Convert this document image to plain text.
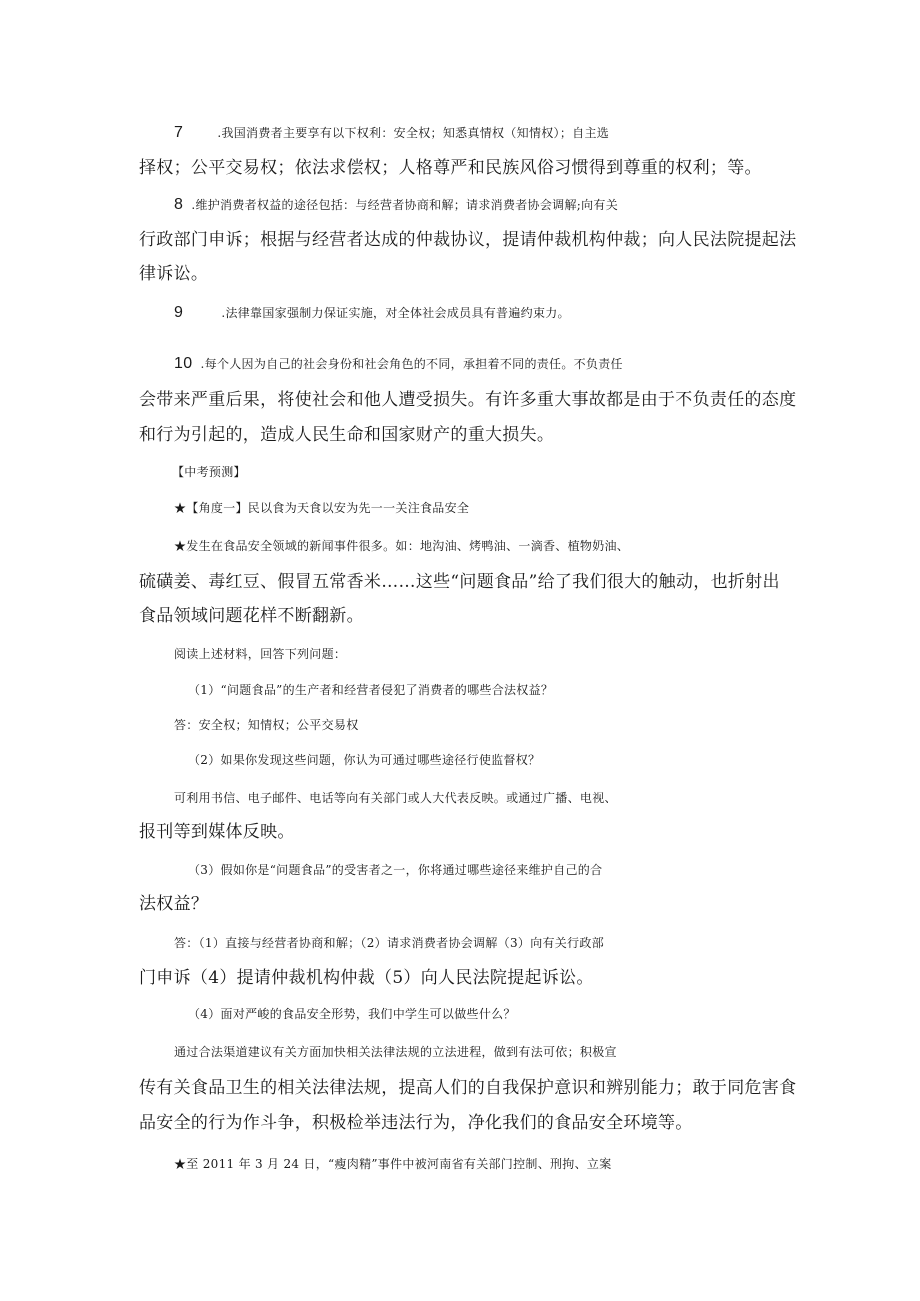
7	.我国消费者主要享有以下权利：安全权；知悉真情权（知情权）；自主选
择权；公平交易权；依法求偿权；人格尊严和民族风俗习惯得到尊重的权利；等。
8 .维护消费者权益的途径包括：与经营者协商和解；请求消费者协会调解;向有关
行政部门申诉；根据与经营者达成的仲裁协议，提请仲裁机构仲裁；向人民法院提起法
律诉讼。
9	.法律靠国家强制力保证实施，对全体社会成员具有普遍约束力。
10 .每个人因为自己的社会身份和社会角色的不同，承担着不同的责任。不负责任
会带来严重后果，将使社会和他人遭受损失。有许多重大事故都是由于不负责任的态度
和行为引起的，造成人民生命和国家财产的重大损失。
【中考预测】
★【角度一】民以食为天食以安为先一一关注食品安全
★发生在食品安全领域的新闻事件很多。如：地沟油、烤鸭油、一滴香、植物奶油、
硫磺姜、毒红豆、假冒五常香米……这些“问题食品”给了我们很大的触动，也折射出
食品领域问题花样不断翻新。
阅读上述材料，回答下列问题：
（1）“问题食品”的生产者和经营者侵犯了消费者的哪些合法权益？
答：安全权；知情权；公平交易权
（2）如果你发现这些问题，你认为可通过哪些途径行使监督权？
可利用书信、电子邮件、电话等向有关部门或人大代表反映。或通过广播、电视、
报刊等到媒体反映。
（3）假如你是“问题食品”的受害者之一，你将通过哪些途径来维护自己的合
法权益？
答：（1）直接与经营者协商和解；（2）请求消费者协会调解（3）向有关行政部
门申诉（4）提请仲裁机构仲裁（5）向人民法院提起诉讼。
（4）面对严峻的食品安全形势，我们中学生可以做些什么？
通过合法渠道建议有关方面加快相关法律法规的立法进程，做到有法可依；积极宣
传有关食品卫生的相关法律法规，提高人们的自我保护意识和辨别能力；敢于同危害食
品安全的行为作斗争，积极检举违法行为，净化我们的食品安全环境等。
★至 2011 年 3 月 24 日，“瘦肉精”事件中被河南省有关部门控制、刑拘、立案
